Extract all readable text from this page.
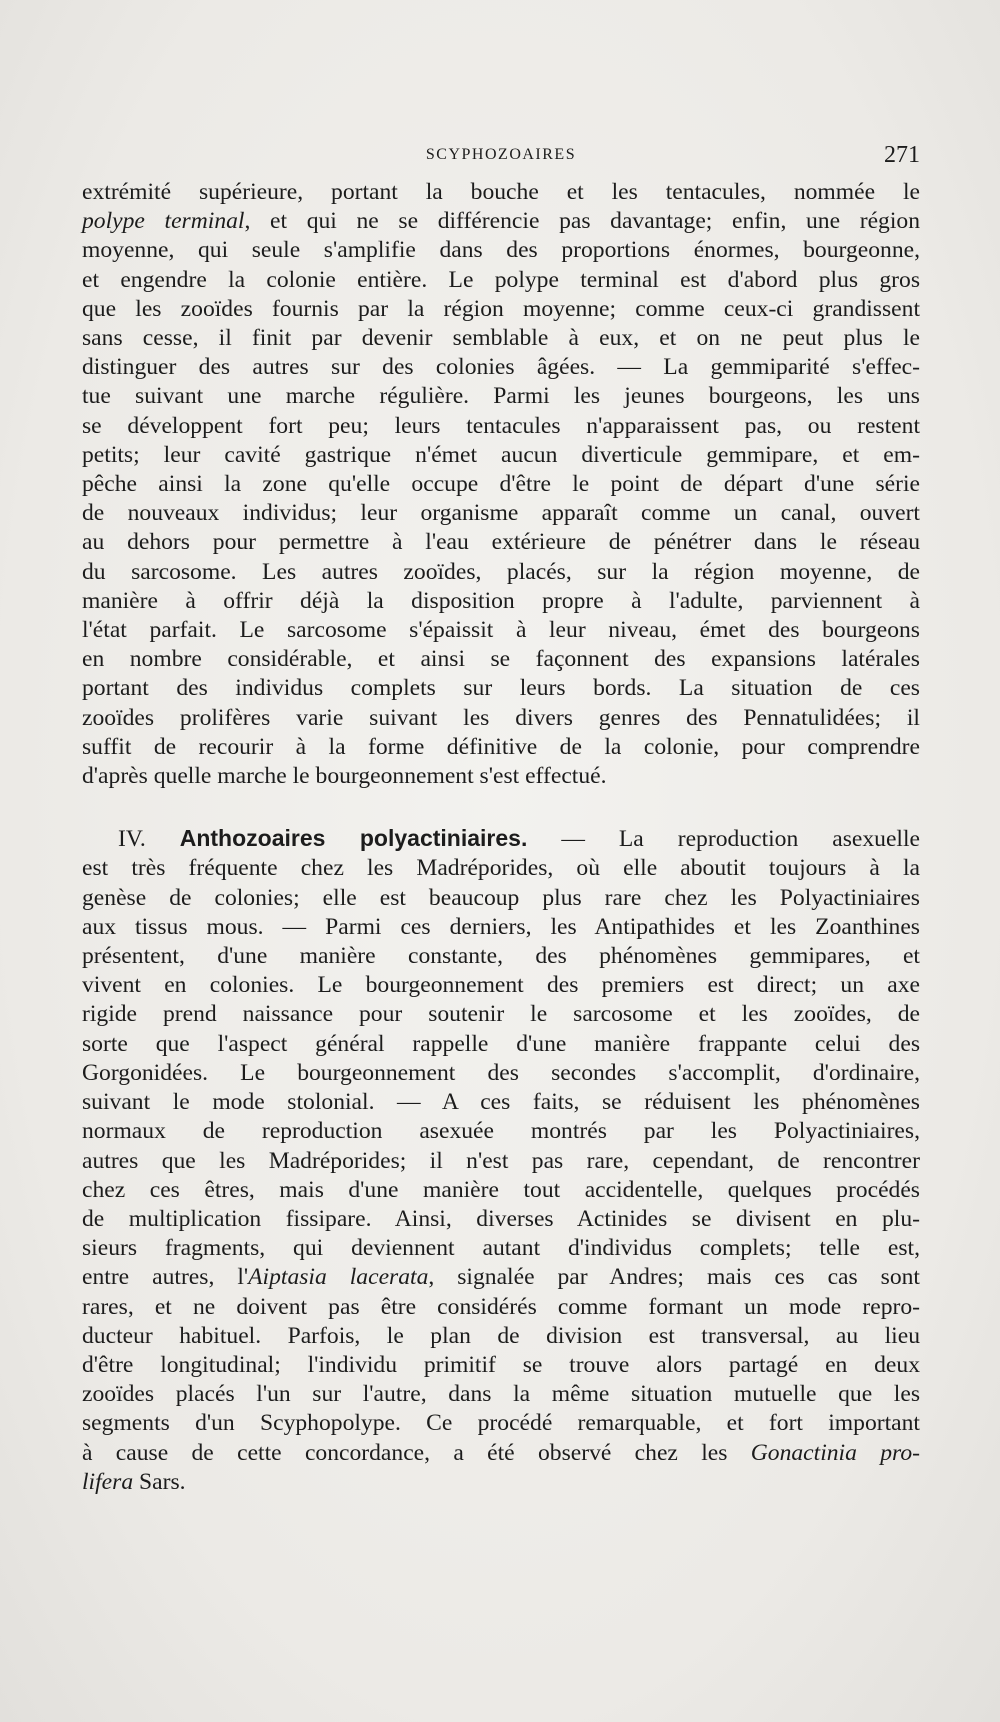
SCYPHOZOAIRES	271
extrémité supérieure, portant la bouche et les tentacules, nommée le
polype terminal, et qui ne se différencie pas davantage; enfin, une région
moyenne, qui seule s'amplifie dans des proportions énormes, bourgeonne,
et engendre la colonie entière. Le polype terminal est d'abord plus gros
que les zooïdes fournis par la région moyenne; comme ceux-ci grandissent
sans cesse, il finit par devenir semblable à eux, et on ne peut plus le
distinguer des autres sur des colonies âgées. — La gemmiparité s'effec-
tue suivant une marche régulière. Parmi les jeunes bourgeons, les uns
se développent fort peu; leurs tentacules n'apparaissent pas, ou restent
petits; leur cavité gastrique n'émet aucun diverticule gemmipare, et em-
pêche ainsi la zone qu'elle occupe d'être le point de départ d'une série
de nouveaux individus; leur organisme apparaît comme un canal, ouvert
au dehors pour permettre à l'eau extérieure de pénétrer dans le réseau
du sarcosome. Les autres zooïdes, placés, sur la région moyenne, de
manière à offrir déjà la disposition propre à l'adulte, parviennent à
l'état parfait. Le sarcosome s'épaissit à leur niveau, émet des bourgeons
en nombre considérable, et ainsi se façonnent des expansions latérales
portant des individus complets sur leurs bords. La situation de ces
zooïdes prolifères varie suivant les divers genres des Pennatulidées; il
suffit de recourir à la forme définitive de la colonie, pour comprendre
d'après quelle marche le bourgeonnement s'est effectué.
IV. Anthozoaires polyactiniaires. — La reproduction asexuelle
est très fréquente chez les Madréporides, où elle aboutit toujours à la
genèse de colonies; elle est beaucoup plus rare chez les Polyactiniaires
aux tissus mous. — Parmi ces derniers, les Antipathides et les Zoanthines
présentent, d'une manière constante, des phénomènes gemmipares, et
vivent en colonies. Le bourgeonnement des premiers est direct; un axe
rigide prend naissance pour soutenir le sarcosome et les zooïdes, de
sorte que l'aspect général rappelle d'une manière frappante celui des
Gorgonidées. Le bourgeonnement des secondes s'accomplit, d'ordinaire,
suivant le mode stolonial. — A ces faits, se réduisent les phénomènes
normaux de reproduction asexuée montrés par les Polyactiniaires,
autres que les Madréporides; il n'est pas rare, cependant, de rencontrer
chez ces êtres, mais d'une manière tout accidentelle, quelques procédés
de multiplication fissipare. Ainsi, diverses Actinides se divisent en plu-
sieurs fragments, qui deviennent autant d'individus complets; telle est,
entre autres, l'Aiptasia lacerata, signalée par Andres; mais ces cas sont
rares, et ne doivent pas être considérés comme formant un mode repro-
ducteur habituel. Parfois, le plan de division est transversal, au lieu
d'être longitudinal; l'individu primitif se trouve alors partagé en deux
zooïdes placés l'un sur l'autre, dans la même situation mutuelle que les
segments d'un Scyphopolype. Ce procédé remarquable, et fort important
à cause de cette concordance, a été observé chez les Gonactinia pro-
lifera Sars.
